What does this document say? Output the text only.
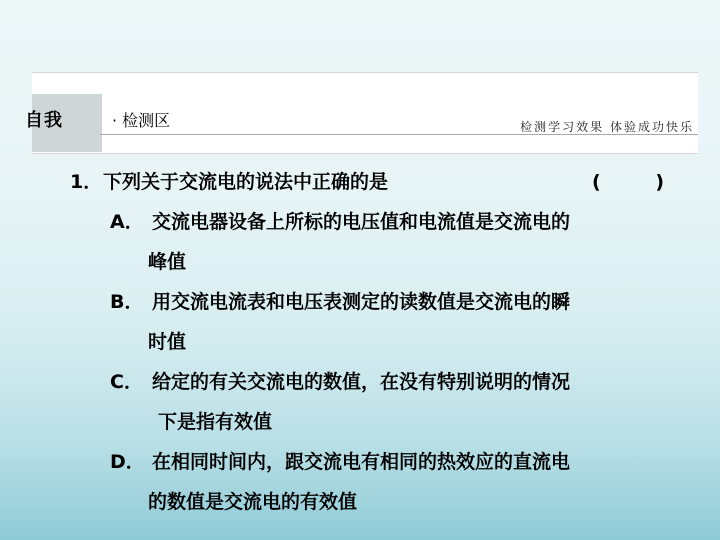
自我	· 检测区	检测学习效果 体验成功快乐
1． 下列关于交流电的说法中正确的是	(	)
A． 交流电器设备上所标的电压值和电流值是交流电的
峰值
B． 用交流电流表和电压表测定的读数值是交流电的瞬
时值
C． 给定的有关交流电的数值，在没有特别说明的情况
下是指有效值
D． 在相同时间内，跟交流电有相同的热效应的直流电
的数值是交流电的有效值
